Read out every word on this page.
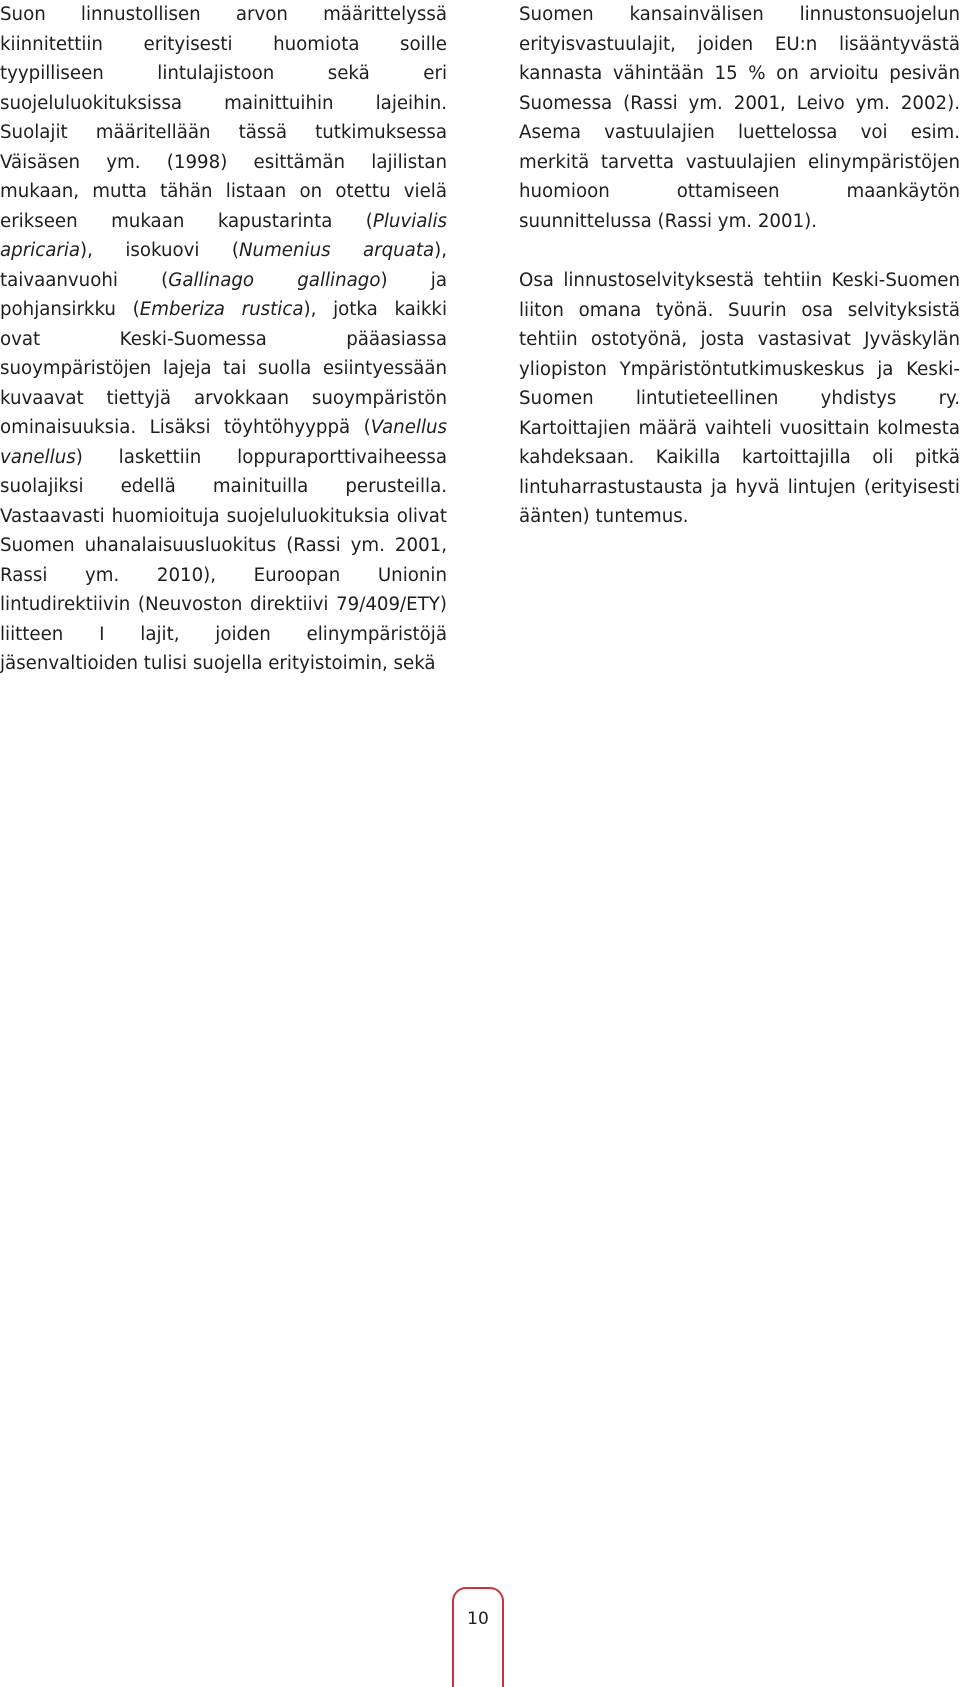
Suon linnustollisen arvon määrittelyssä kiinnitettiin erityisesti huomiota soille tyypilliseen lintulajistoon sekä eri suojeluluokituksissa mainittuihin lajeihin. Suolajit määritellään tässä tutkimuksessa Väisäsen ym. (1998) esittämän lajilistan mukaan, mutta tähän listaan on otettu vielä erikseen mukaan kapustarinta (Pluvialis apricaria), isokuovi (Numenius arquata), taivaanvuohi (Gallinago gallinago) ja pohjansirkku (Emberiza rustica), jotka kaikki ovat Keski-Suomessa pääasiassa suoympäristöjen lajeja tai suolla esiintyessään kuvaavat tiettyjä arvokkaan suoympäristön ominaisuuksia. Lisäksi töyhtöhyyppä (Vanellus vanellus) laskettiin loppuraporttivaiheessa suolajiksi edellä mainituilla perusteilla. Vastaavasti huomioituja suojeluluokituksia olivat Suomen uhanalaisuusluokitus (Rassi ym. 2001, Rassi ym. 2010), Euroopan Unionin lintudirektiivin (Neuvoston direktiivi 79/409/ETY) liitteen I lajit, joiden elinympäristöjä jäsenvaltioiden tulisi suojella erityistoimin, sekä

Suomen kansainvälisen linnustonsuojelun erityisvastuulajit, joiden EU:n lisääntyvästä kannasta vähintään 15 % on arvioitu pesivän Suomessa (Rassi ym. 2001, Leivo ym. 2002). Asema vastuulajien luettelossa voi esim. merkitä tarvetta vastuulajien elinympäristöjen huomioon ottamiseen maankäytön suunnittelussa (Rassi ym. 2001).

Osa linnustoselvityksestä tehtiin Keski-Suomen liiton omana työnä. Suurin osa selvityksistä tehtiin ostotyönä, josta vastasivat Jyväskylän yliopiston Ympäristöntutkimuskeskus ja Keski-Suomen lintutieteellinen yhdistys ry. Kartoittajien määrä vaihteli vuosittain kolmesta kahdeksaan. Kaikilla kartoittajilla oli pitkä lintuharrastustausta ja hyvä lintujen (erityisesti äänten) tuntemus.

10
